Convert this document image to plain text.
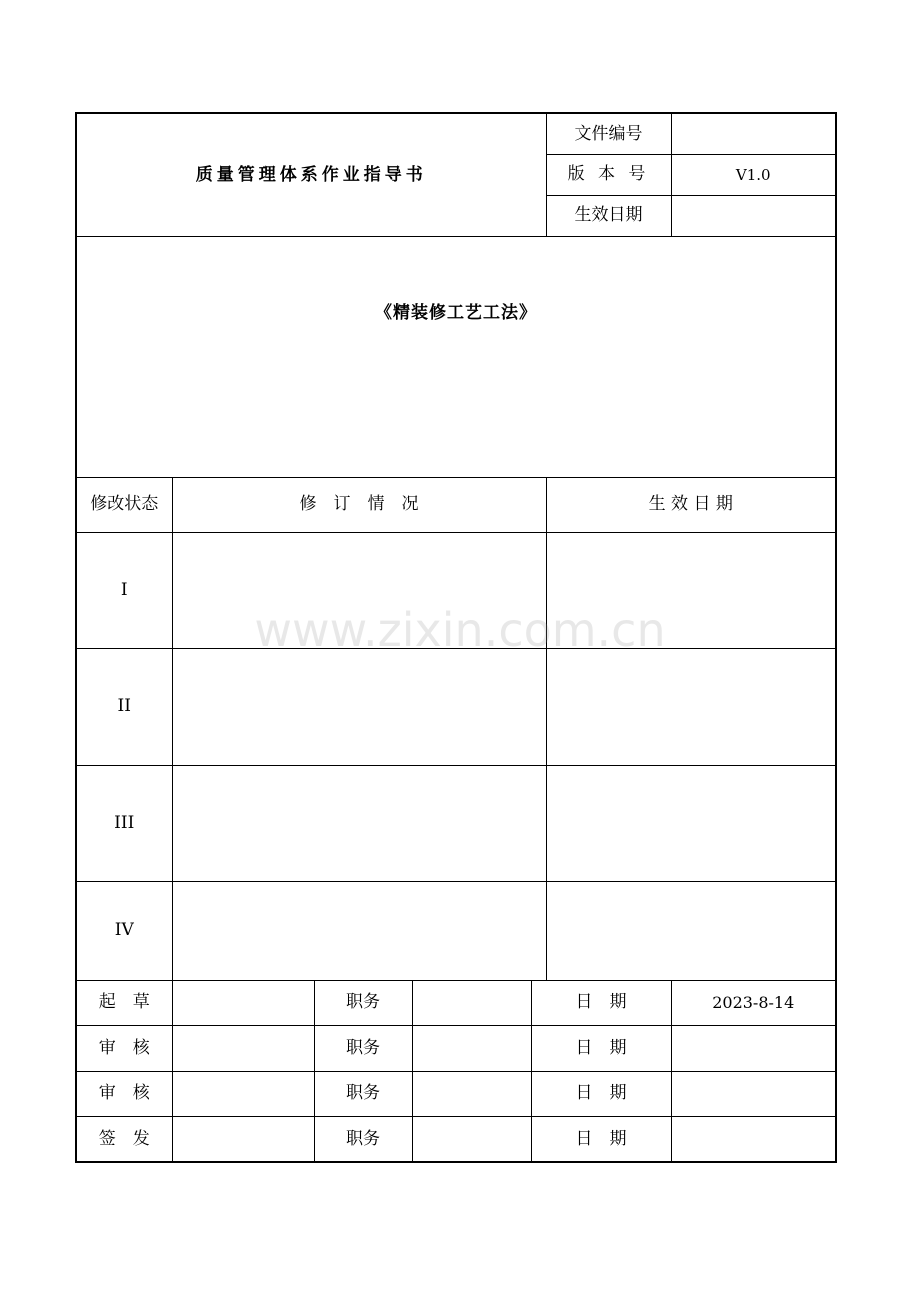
质量管理体系作业指导书					文件编号	
					版 本 号	V1.0
					生效日期	
《精装修工艺工法》						
修改状态	修　订　情　况				生 效 日 期	
I						
II						
III						
IV						
起　草		职务		日　期		2023-8-14
审　核		职务		日　期		
审　核		职务		日　期		
签　发		职务		日　期		
www.zixin.com.cn
